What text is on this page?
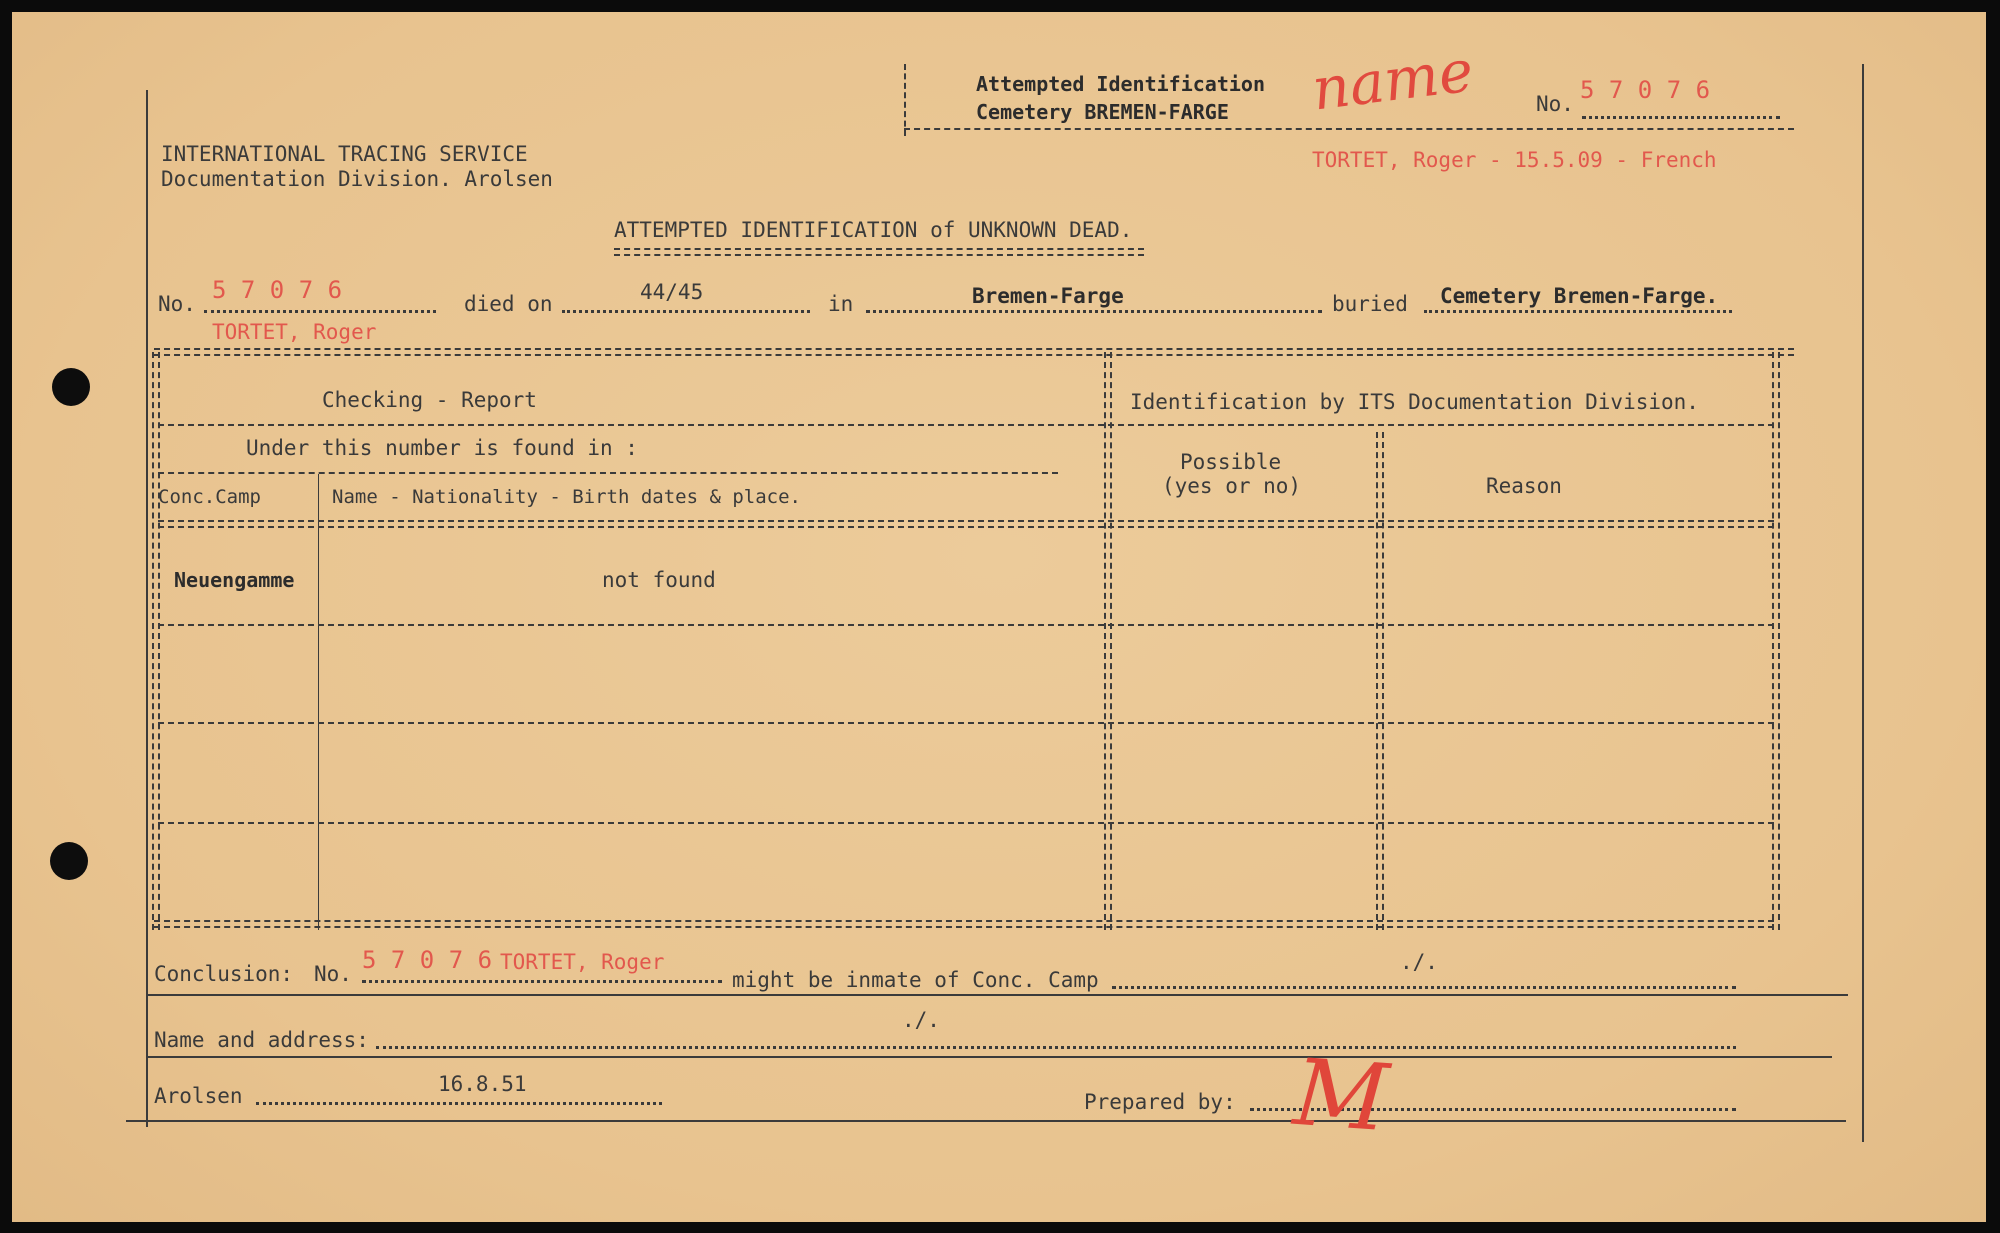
Attempted Identification
Cemetery BREMEN-FARGE name	No. 5 7 0 7 6
INTERNATIONAL TRACING SERVICE
Documentation Division. Arolsen
TORTET, Roger - 15.5.09 - French
ATTEMPTED IDENTIFICATION of UNKNOWN DEAD.
No. 5 7 0 7 6	died on	44/45	in	Bremen-Farge	buried Cemetery Bremen-Farge.
TORTET, Roger
Checking - Report	Identification by ITS Documentation Division.
Under this number is found in :
Conc.Camp	Name - Nationality - Birth dates & place.
Possible
(yes or no)	Reason
Neuengamme	not found
Conclusion: No. 5 7 0 7 6 TORTET, Roger
might be inmate of Conc. Camp
./.
Name and address:
./.
Arolsen	16.8.51
Prepared by: M
